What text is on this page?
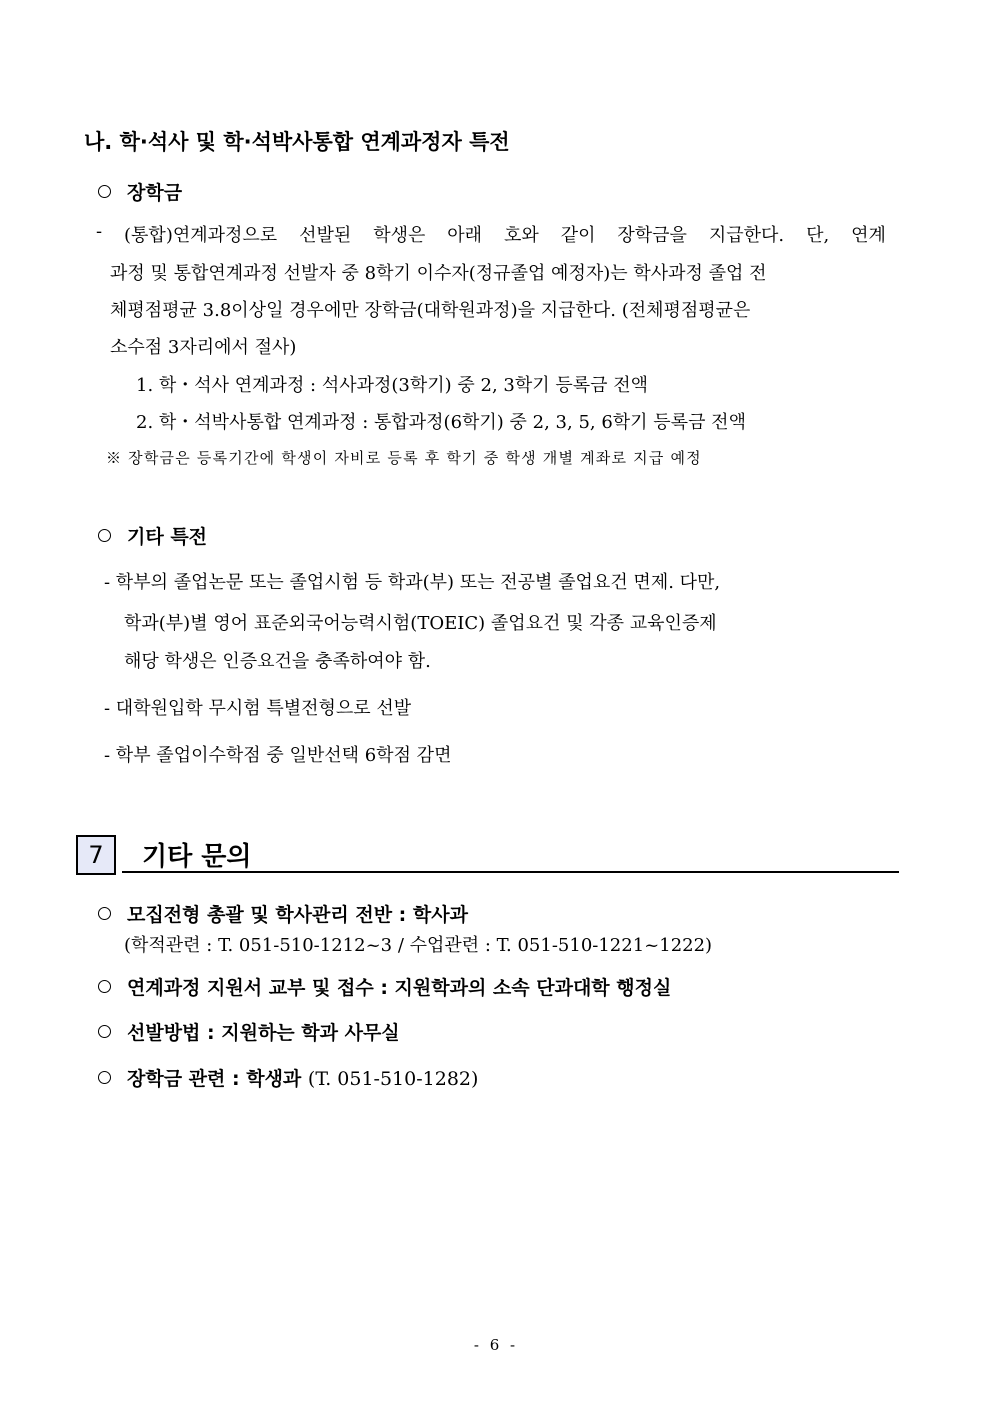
나. 학·석사 및 학·석박사통합 연계과정자 특전
장학금
- (통합)연계과정으로 선발된 학생은 아래 호와 같이 장학금을 지급한다. 단, 연계
과정 및 통합연계과정 선발자 중 8학기 이수자(정규졸업 예정자)는 학사과정 졸업 전
체평점평균 3.8이상일 경우에만 장학금(대학원과정)을 지급한다. (전체평점평균은
소수점 3자리에서 절사)
1. 학・석사 연계과정 : 석사과정(3학기) 중 2, 3학기 등록금 전액
2. 학・석박사통합 연계과정 : 통합과정(6학기) 중 2, 3, 5, 6학기 등록금 전액
※ 장학금은 등록기간에 학생이 자비로 등록 후 학기 중 학생 개별 계좌로 지급 예정
기타 특전
- 학부의 졸업논문 또는 졸업시험 등 학과(부) 또는 전공별 졸업요건 면제. 다만,
학과(부)별 영어 표준외국어능력시험(TOEIC) 졸업요건 및 각종 교육인증제
해당 학생은 인증요건을 충족하여야 함.
- 대학원입학 무시험 특별전형으로 선발
- 학부 졸업이수학점 중 일반선택 6학점 감면
7	기타 문의
모집전형 총괄 및 학사관리 전반 : 학사과
(학적관련 : T. 051-510-1212~3 / 수업관련 : T. 051-510-1221~1222)
연계과정 지원서 교부 및 접수 : 지원학과의 소속 단과대학 행정실
선발방법 : 지원하는 학과 사무실
장학금 관련 : 학생과 (T. 051-510-1282)
- 6 -
